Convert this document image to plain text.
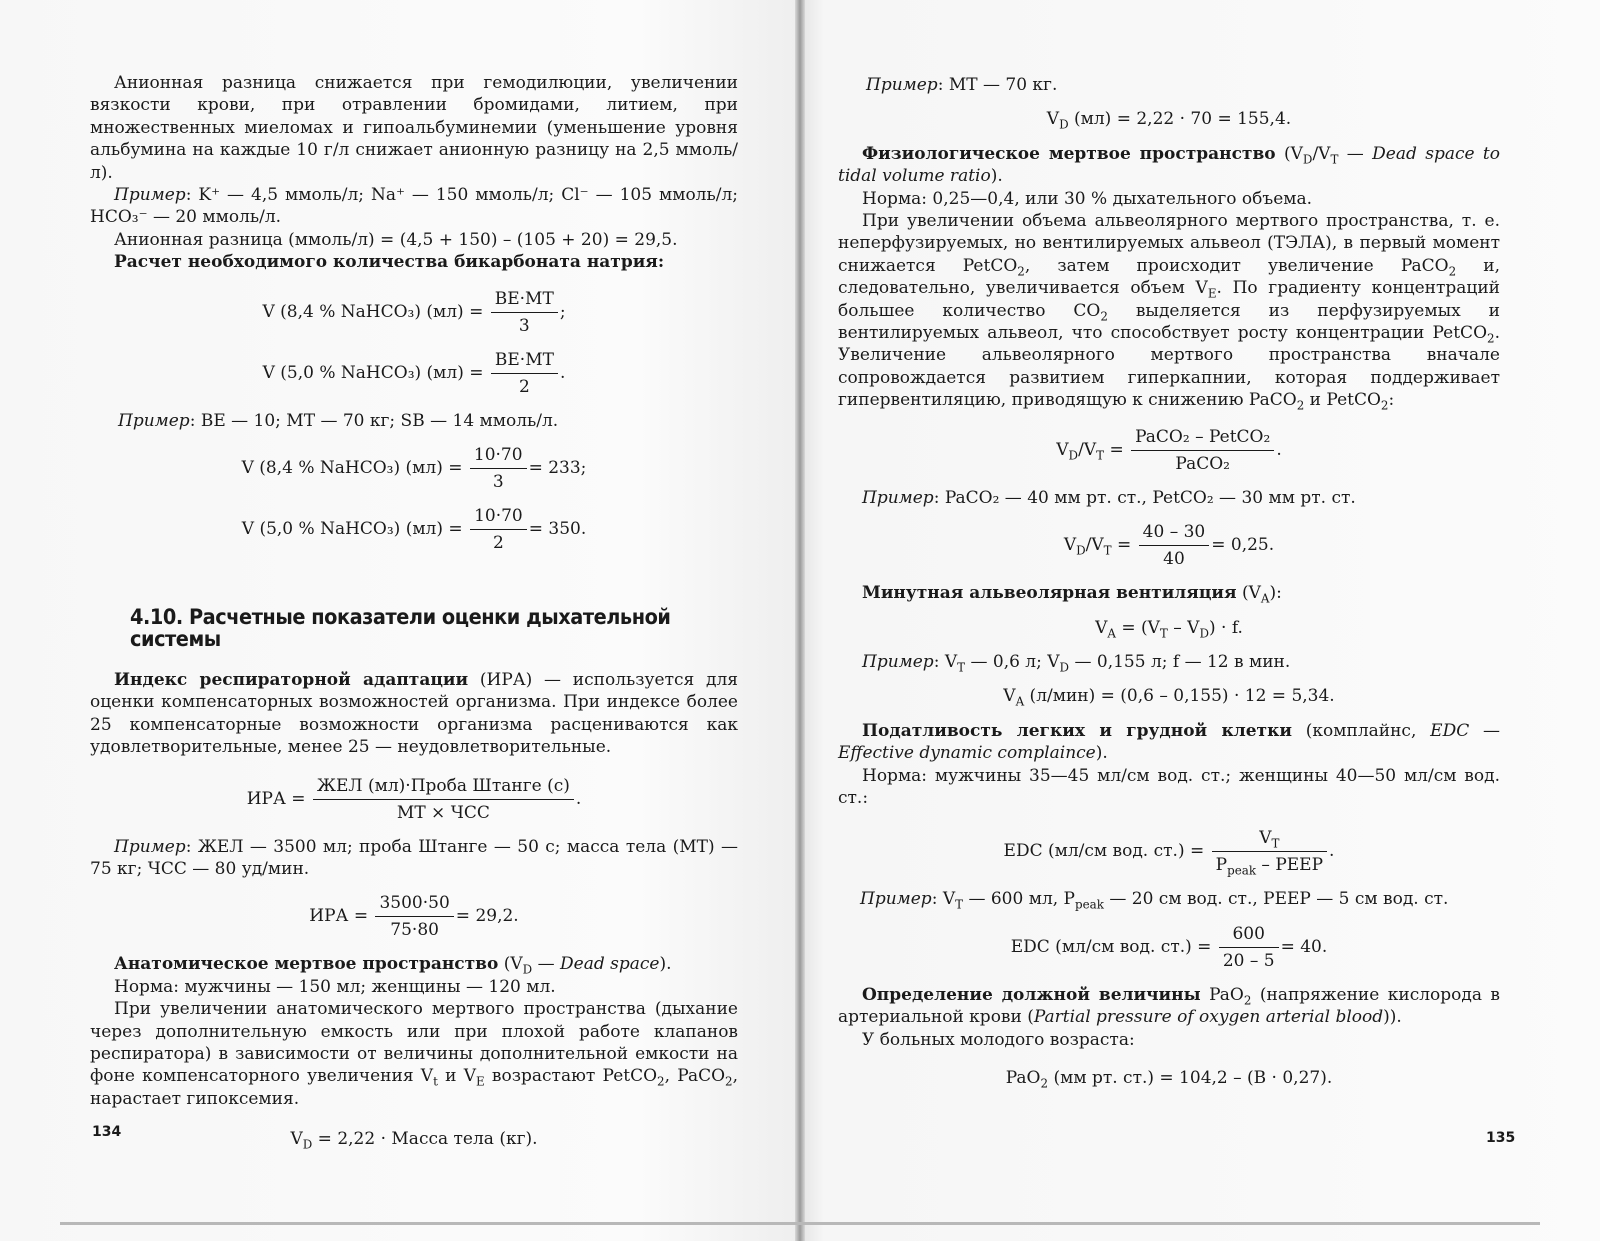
Анионная разница снижается при гемодилюции, увеличении вязкости крови, при отравлении бромидами, литием, при множественных миеломах и гипоальбуминемии (уменьшение уровня альбумина на каждые 10 г/л снижает анионную разницу на 2,5 ммоль/л).

Пример: K⁺ — 4,5 ммоль/л; Na⁺ — 150 ммоль/л; Cl⁻ — 105 ммоль/л; HCO₃⁻ — 20 ммоль/л.

Анионная разница (ммоль/л) = (4,5 + 150) – (105 + 20) = 29,5.

Расчет необходимого количества бикарбоната натрия:

V (8,4 % NaHCO₃) $(мл) = \frac{BE\cdot MT}{3}$ ;
V (5,0 % NaHCO₃) $(мл) = \frac{BE\cdot MT}{2}$ .

Пример: BE — 10; MT — 70 кг; SB — 14 ммоль/л.

V (8,4 % NaHCO₃) $(мл) = \frac{10\cdot 70}{3} = 233$;
V (5,0 % NaHCO₃) $(мл) = \frac{10\cdot 70}{2} = 350$.
4.10. Расчетные показатели оценки дыхательной системы

Индекс респираторной адаптации (ИРА) — используется для оценки компенсаторных возможностей организма. При индексе более 25 компенсаторные возможности организма расцениваются как удовлетворительные, менее 25 — неудовлетворительные.

ИРА = $\frac{\text{ЖЕЛ (мл)·Проба Штанге (с)}}{\text{MT × ЧСС}}$ .

Пример: ЖЕЛ — 3500 мл; проба Штанге — 50 с; масса тела (МТ) — 75 кг; ЧСС — 80 уд/мин.

ИРА = $\frac{3500\cdot 50}{75\cdot 80} = 29,2$.

Анатомическое мертвое пространство ($V_D$ — Dead space).

Норма: мужчины — 150 мл; женщины — 120 мл.

При увеличении анатомического мертвого пространства (дыхание через дополнительную емкость или при плохой работе клапанов респиратора) в зависимости от величины дополнительной емкости на фоне компенсаторного увеличения $V_t$ и $V_E$ возрастают PetCO$_2$, PaCO$_2$, нарастает гипоксемия.

$V_D = 2,22$ · Масса тела (кг).
134

Пример: МТ — 70 кг.

$V_D$ (мл) = 2,22 · 70 = 155,4.

Физиологическое мертвое пространство ($V_D/V_T$ — Dead space to tidal volume ratio).

Норма: 0,25—0,4, или 30 % дыхательного объема.

При увеличении объема альвеолярного мертвого пространства, т. е. неперфузируемых, но вентилируемых альвеол (ТЭЛА), в первый момент снижается PetCO$_2$, затем происходит увеличение PaCO$_2$ и, следовательно, увеличивается объем $V_E$. По градиенту концентраций большее количество $CO_2$ выделяется из перфузируемых и вентилируемых альвеол, что способствует росту концентрации PetCO$_2$. Увеличение альвеолярного мертвого пространства вначале сопровождается развитием гиперкапнии, которая поддерживает гипервентиляцию, приводящую к снижению PaCO$_2$ и PetCO$_2$:

$V_D/V_T = \frac{\text{PaCO₂ – PetCO₂}}{\text{PaCO₂}}$ .

Пример: PaCO₂ — 40 мм рт. ст., PetCO₂ — 30 мм рт. ст.

$V_D/V_T = \frac{40 - 30}{40} = 0,25$.

Минутная альвеолярная вентиляция $(V_A)$:

$V_A = (V_T - V_D) \cdot f$.

Пример: $V_T$ — 0,6 л; $V_D$ — 0,155 л; f — 12 в мин.

$V_A$ (л/мин) = (0,6 – 0,155) · 12 = 5,34.

Податливость легких и грудной клетки (комплайнс, EDC — Effective dynamic complaince).

Норма: мужчины 35—45 мл/см вод. ст.; женщины 40—50 мл/см вод. ст.:

EDC (мл/см вод. $ст.) = \frac{V_T}{P_{peak} - PEEP}$ .

Пример: $V_T$ — 600 мл, $P_{peak}$ — 20 см вод. ст., PEEP — 5 см вод. ст.

EDC (мл/см вод. $ст.) = \frac{600}{20 - 5} = 40$.

Определение должной величины PaO$_2$ (напряжение кислорода в артериальной крови (Partial pressure of oxygen arterial blood)).

У больных молодого возраста:

PaO$_2$ (мм рт. ст.) = 104,2 – (B · 0,27).
135
